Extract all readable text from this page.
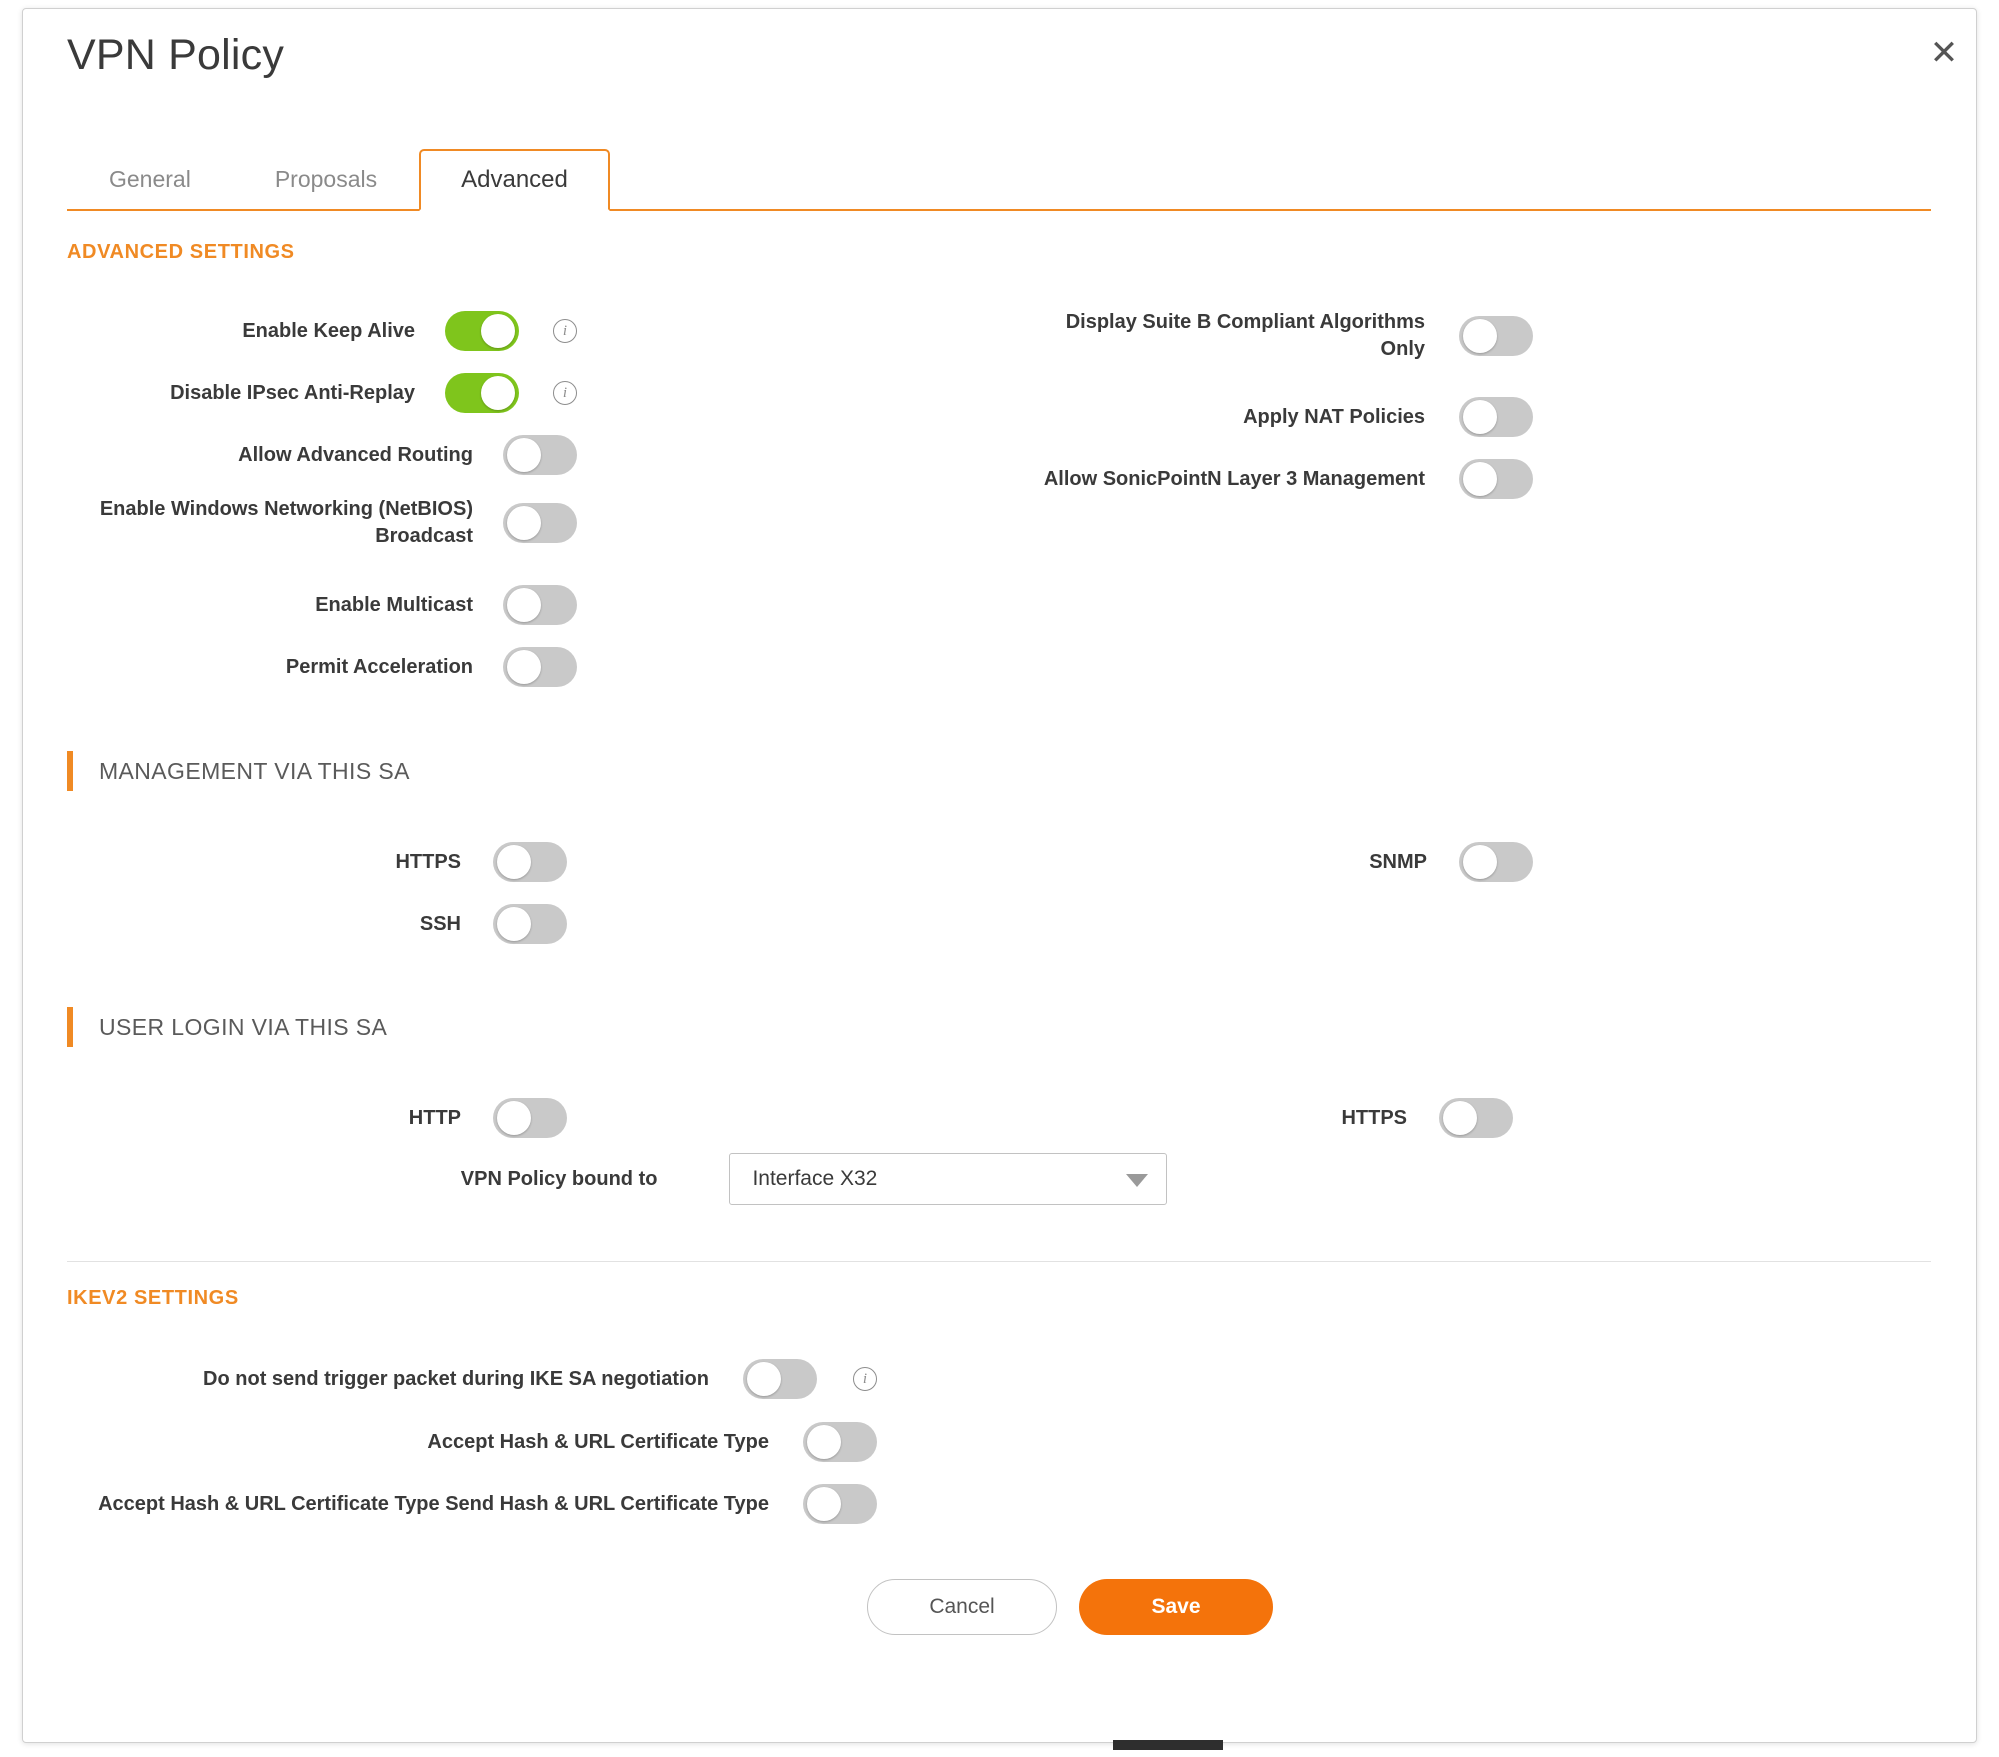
VPN Policy	✕
General	Proposals	Advanced
ADVANCED SETTINGS
Enable Keep Alive	i
Disable IPsec Anti-Replay	i
Allow Advanced Routing
Enable Windows Networking (NetBIOS) Broadcast
Enable Multicast
Permit Acceleration
Display Suite B Compliant Algorithms Only
Apply NAT Policies
Allow SonicPointN Layer 3 Management
MANAGEMENT VIA THIS SA
HTTPS
SSH
SNMP
USER LOGIN VIA THIS SA
HTTP	HTTPS
VPN Policy bound to	Interface X32
IKEV2 SETTINGS
Do not send trigger packet during IKE SA negotiation	i
Accept Hash & URL Certificate Type
Accept Hash & URL Certificate Type Send Hash & URL Certificate Type
Cancel	Save
